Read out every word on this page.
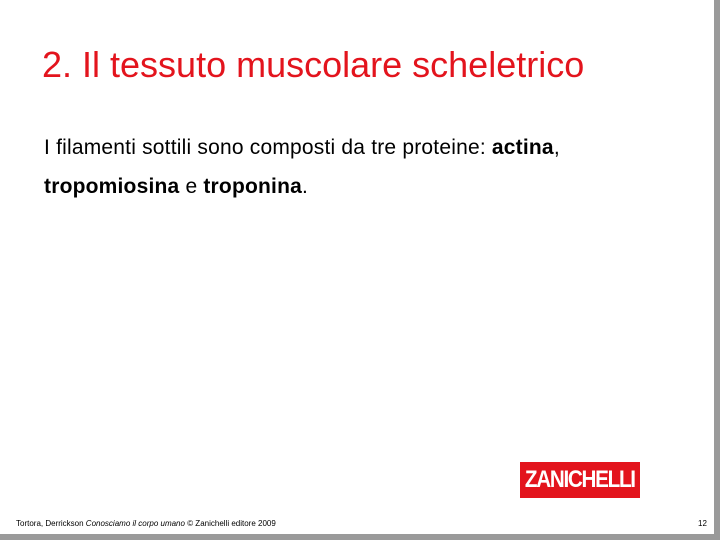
2. Il tessuto muscolare scheletrico

I filamenti sottili sono composti da tre proteine: actina,
tropomiosina e troponina.

ZANICHELLI
Tortora, Derrickson Conosciamo il corpo umano © Zanichelli editore 2009	12
